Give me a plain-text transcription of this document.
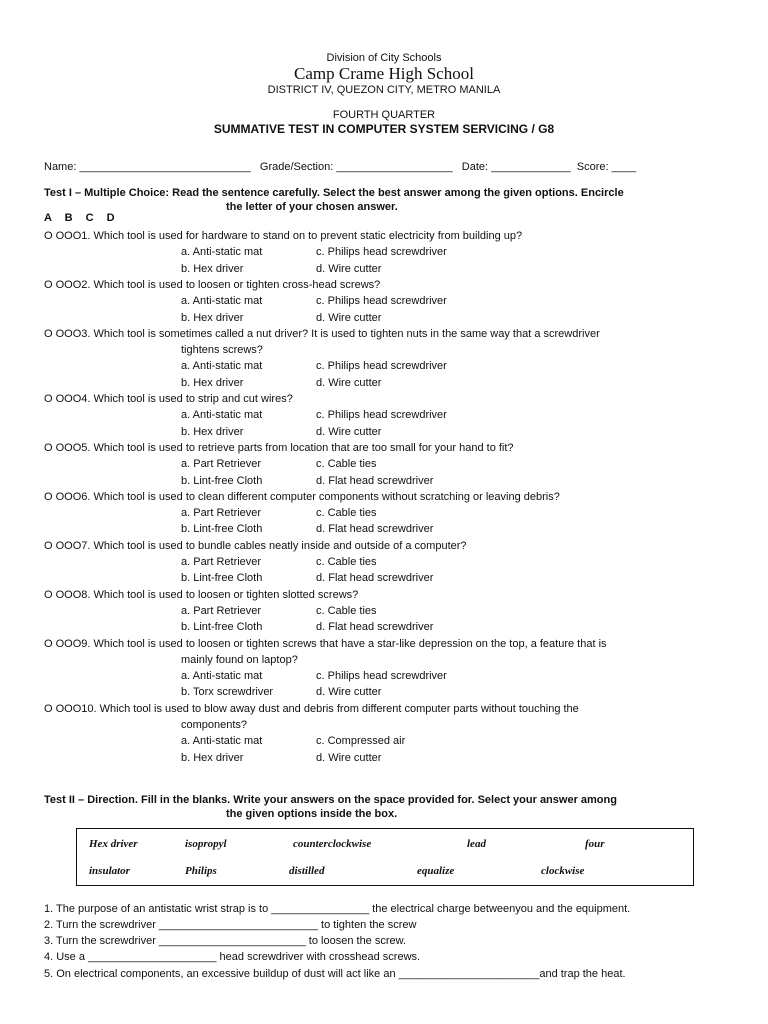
Division of City Schools
Camp Crame High School
DISTRICT IV, QUEZON CITY, METRO MANILA
FOURTH QUARTER
SUMMATIVE TEST IN COMPUTER SYSTEM SERVICING / G8
Name: ____________________________   Grade/Section: ___________________   Date: _____________  Score: ____
Test I – Multiple Choice: Read the sentence carefully. Select the best answer among the given options. Encircle
the letter of your chosen answer.
A B C D
O OOO1. Which tool is used for hardware to stand on to prevent static electricity from building up?
a. Anti-static mat	c. Philips head screwdriver
b. Hex driver	d. Wire cutter
O OOO2. Which tool is used to loosen or tighten cross-head screws?
a. Anti-static mat	c. Philips head screwdriver
b. Hex driver	d. Wire cutter
O OOO3. Which tool is sometimes called a nut driver? It is used to tighten nuts in the same way that a screwdriver
tightens screws?
a. Anti-static mat	c. Philips head screwdriver
b. Hex driver	d. Wire cutter
O OOO4. Which tool is used to strip and cut wires?
a. Anti-static mat	c. Philips head screwdriver
b. Hex driver	d. Wire cutter
O OOO5. Which tool is used to retrieve parts from location that are too small for your hand to fit?
a. Part Retriever	c. Cable ties
b. Lint-free Cloth	d. Flat head screwdriver
O OOO6. Which tool is used to clean different computer components without scratching or leaving debris?
a. Part Retriever	c. Cable ties
b. Lint-free Cloth	d. Flat head screwdriver
O OOO7. Which tool is used to bundle cables neatly inside and outside of a computer?
a. Part Retriever	c. Cable ties
b. Lint-free Cloth	d. Flat head screwdriver
O OOO8. Which tool is used to loosen or tighten slotted screws?
a. Part Retriever	c. Cable ties
b. Lint-free Cloth	d. Flat head screwdriver
O OOO9. Which tool is used to loosen or tighten screws that have a star-like depression on the top, a feature that is
mainly found on laptop?
a. Anti-static mat	c. Philips head screwdriver
b. Torx screwdriver	d. Wire cutter
O OOO10. Which tool is used to blow away dust and debris from different computer parts without touching the
components?
a. Anti-static mat	c. Compressed air
b. Hex driver	d. Wire cutter
Test II – Direction. Fill in the blanks. Write your answers on the space provided for. Select your answer among
the given options inside the box.
Hex driver	isopropyl	counterclockwise	lead	four
insulator	Philips	distilled	equalize	clockwise
1. The purpose of an antistatic wrist strap is to ________________ the electrical charge betweenyou and the equipment.
2. Turn the screwdriver __________________________ to tighten the screw
3. Turn the screwdriver ________________________ to loosen the screw.
4. Use a _____________________ head screwdriver with crosshead screws.
5. On electrical components, an excessive buildup of dust will act like an _______________________and trap the heat.
